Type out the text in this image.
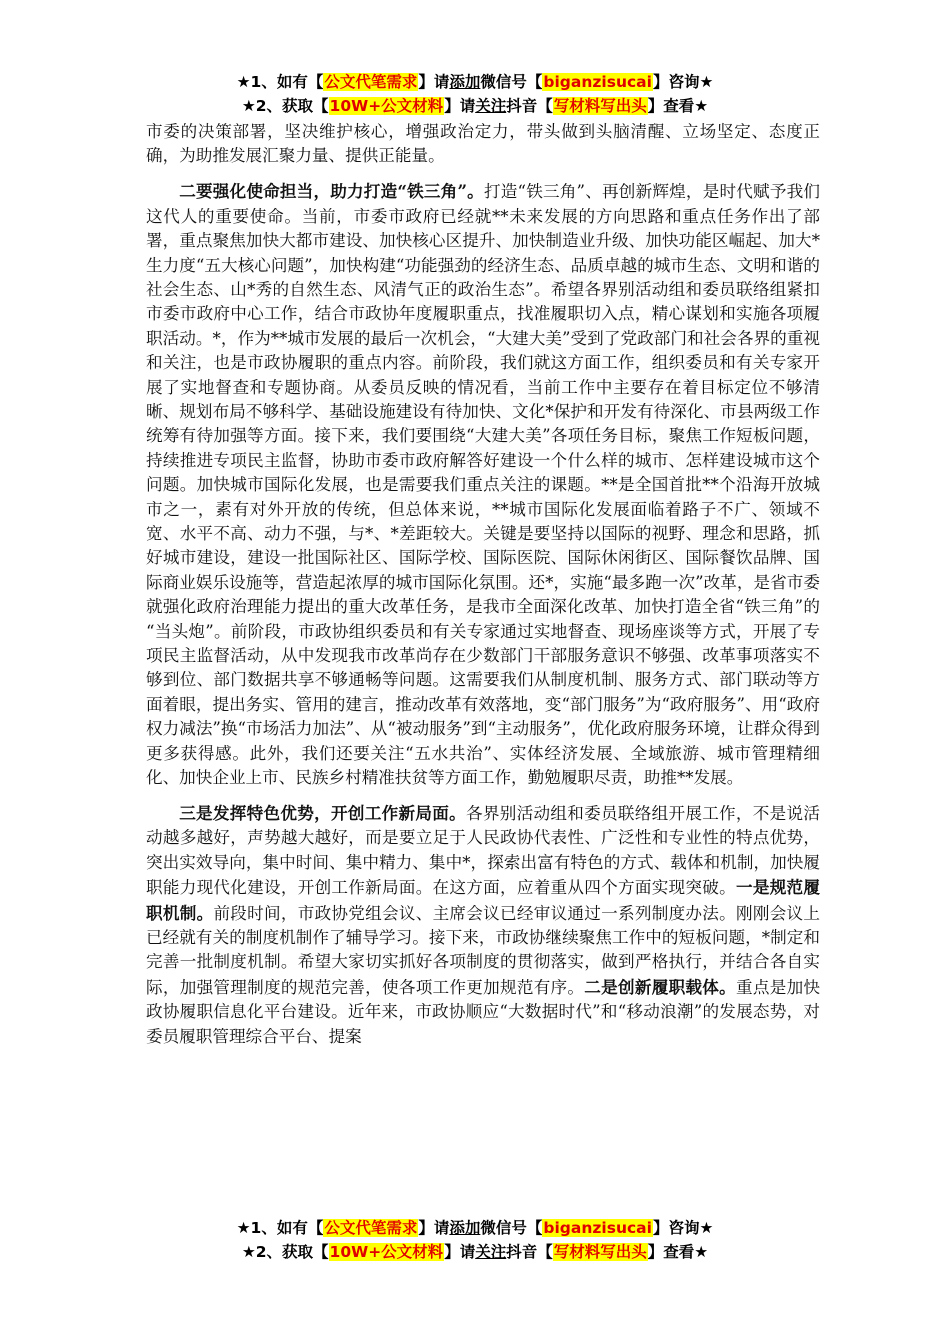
★1、如有【公文代笔需求】请添加微信号【biganzisucai】咨询★
★2、获取【10W+公文材料】请关注抖音【写材料写出头】查看★

市委的决策部署，坚决维护核心，增强政治定力，带头做到头脑清醒、立场坚定、态度正确，为助推发展汇聚力量、提供正能量。

二要强化使命担当，助力打造“铁三角”。打造“铁三角”、再创新辉煌，是时代赋予我们这代人的重要使命。当前，市委市政府已经就**未来发展的方向思路和重点任务作出了部署，重点聚焦加快大都市建设、加快核心区提升、加快制造业升级、加快功能区崛起、加大*生力度“五大核心问题”，加快构建“功能强劲的经济生态、品质卓越的城市生态、文明和谐的社会生态、山*秀的自然生态、风清气正的政治生态”。希望各界别活动组和委员联络组紧扣市委市政府中心工作，结合市政协年度履职重点，找准履职切入点，精心谋划和实施各项履职活动。*，作为**城市发展的最后一次机会，“大建大美”受到了党政部门和社会各界的重视和关注，也是市政协履职的重点内容。前阶段，我们就这方面工作，组织委员和有关专家开展了实地督查和专题协商。从委员反映的情况看，当前工作中主要存在着目标定位不够清晰、规划布局不够科学、基础设施建设有待加快、文化*保护和开发有待深化、市县两级工作统筹有待加强等方面。接下来，我们要围绕“大建大美”各项任务目标，聚焦工作短板问题，持续推进专项民主监督，协助市委市政府解答好建设一个什么样的城市、怎样建设城市这个问题。加快城市国际化发展，也是需要我们重点关注的课题。**是全国首批**个沿海开放城市之一，素有对外开放的传统，但总体来说，**城市国际化发展面临着路子不广、领域不宽、水平不高、动力不强，与*、*差距较大。关键是要坚持以国际的视野、理念和思路，抓好城市建设，建设一批国际社区、国际学校、国际医院、国际休闲街区、国际餐饮品牌、国际商业娱乐设施等，营造起浓厚的城市国际化氛围。还*，实施“最多跑一次”改革，是省市委就强化政府治理能力提出的重大改革任务，是我市全面深化改革、加快打造全省“铁三角”的 “当头炮”。前阶段，市政协组织委员和有关专家通过实地督查、现场座谈等方式，开展了专项民主监督活动，从中发现我市改革尚存在少数部门干部服务意识不够强、改革事项落实不够到位、部门数据共享不够通畅等问题。这需要我们从制度机制、服务方式、部门联动等方面着眼，提出务实、管用的建言，推动改革有效落地，变“部门服务”为“政府服务”、用“政府权力减法”换“市场活力加法”、从“被动服务”到“主动服务”，优化政府服务环境，让群众得到更多获得感。此外，我们还要关注“五水共治”、实体经济发展、全域旅游、城市管理精细化、加快企业上市、民族乡村精准扶贫等方面工作，勤勉履职尽责，助推**发展。

三是发挥特色优势，开创工作新局面。各界别活动组和委员联络组开展工作，不是说活动越多越好，声势越大越好，而是要立足于人民政协代表性、广泛性和专业性的特点优势，突出实效导向，集中时间、集中精力、集中*，探索出富有特色的方式、载体和机制，加快履职能力现代化建设，开创工作新局面。在这方面，应着重从四个方面实现突破。一是规范履职机制。前段时间，市政协党组会议、主席会议已经审议通过一系列制度办法。刚刚会议上已经就有关的制度机制作了辅导学习。接下来，市政协继续聚焦工作中的短板问题，*制定和完善一批制度机制。希望大家切实抓好各项制度的贯彻落实，做到严格执行，并结合各自实际，加强管理制度的规范完善，使各项工作更加规范有序。二是创新履职载体。重点是加快政协履职信息化平台建设。近年来，市政协顺应“大数据时代”和“移动浪潮”的发展态势，对委员履职管理综合平台、提案

★1、如有【公文代笔需求】请添加微信号【biganzisucai】咨询★
★2、获取【10W+公文材料】请关注抖音【写材料写出头】查看★
